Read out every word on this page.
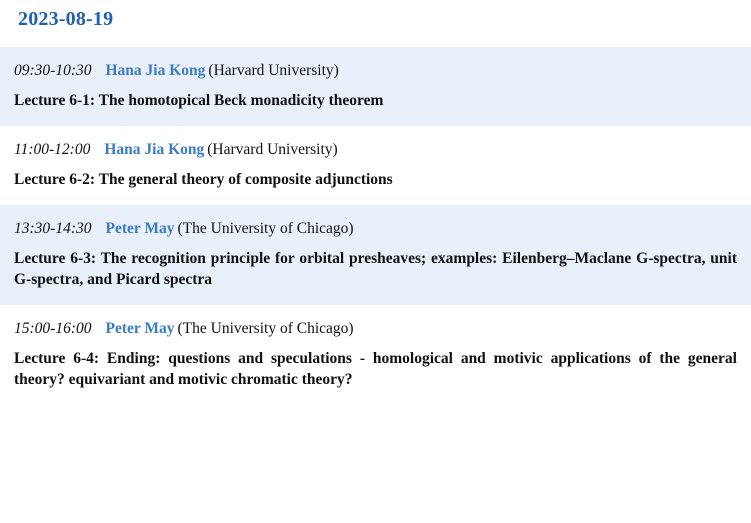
2023-08-19

09:30-10:30 Hana Jia Kong (Harvard University)

Lecture 6-1: The homotopical Beck monadicity theorem

11:00-12:00 Hana Jia Kong (Harvard University)

Lecture 6-2: The general theory of composite adjunctions

13:30-14:30 Peter May (The University of Chicago)

Lecture 6-3: The recognition principle for orbital presheaves; examples: Eilenberg–Maclane G-spectra, unit G-spectra, and Picard spectra

15:00-16:00 Peter May (The University of Chicago)

Lecture 6-4: Ending: questions and speculations - homological and motivic applications of the general theory? equivariant and motivic chromatic theory?
